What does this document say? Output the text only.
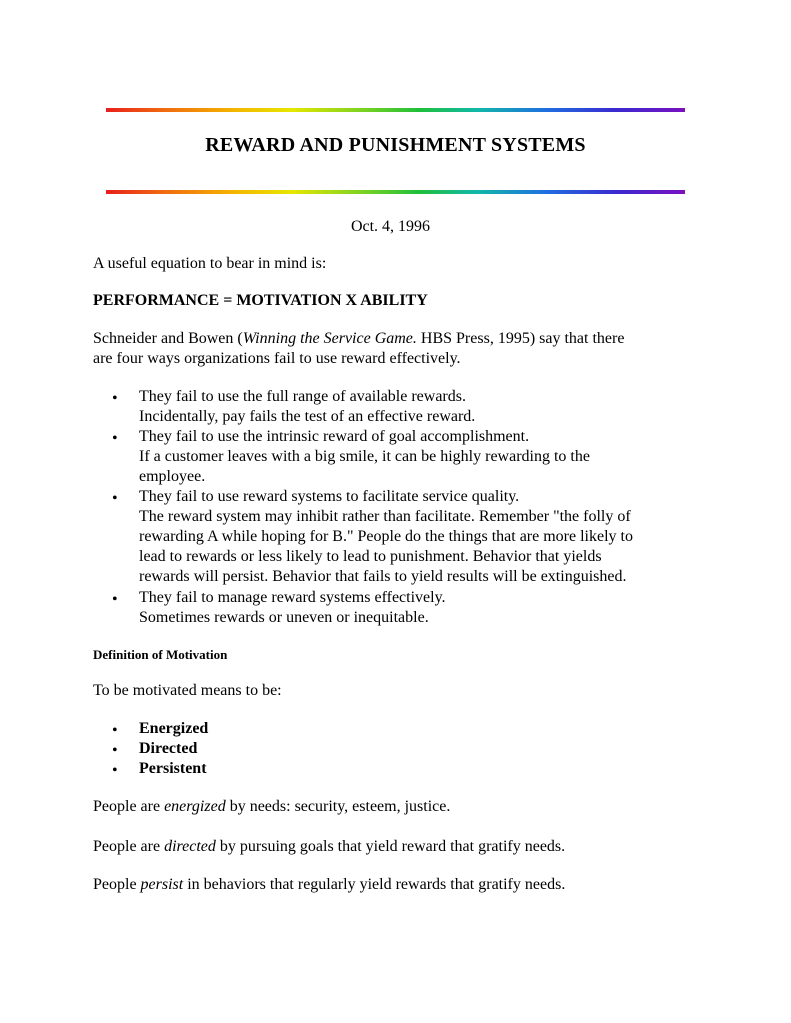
REWARD AND PUNISHMENT SYSTEMS

Oct. 4, 1996

A useful equation to bear in mind is:

PERFORMANCE = MOTIVATION X ABILITY

Schneider and Bowen (Winning the Service Game. HBS Press, 1995) say that there

are four ways organizations fail to use reward effectively.

• They fail to use the full range of available rewards.

Incidentally, pay fails the test of an effective reward.

• They fail to use the intrinsic reward of goal accomplishment.

If a customer leaves with a big smile, it can be highly rewarding to the

employee.

• They fail to use reward systems to facilitate service quality.

The reward system may inhibit rather than facilitate. Remember "the folly of

rewarding A while hoping for B." People do the things that are more likely to

lead to rewards or less likely to lead to punishment. Behavior that yields

rewards will persist. Behavior that fails to yield results will be extinguished.

• They fail to manage reward systems effectively.

Sometimes rewards or uneven or inequitable.

Definition of Motivation

To be motivated means to be:

• Energized

• Directed

• Persistent

People are energized by needs: security, esteem, justice.

People are directed by pursuing goals that yield reward that gratify needs.

People persist in behaviors that regularly yield rewards that gratify needs.
